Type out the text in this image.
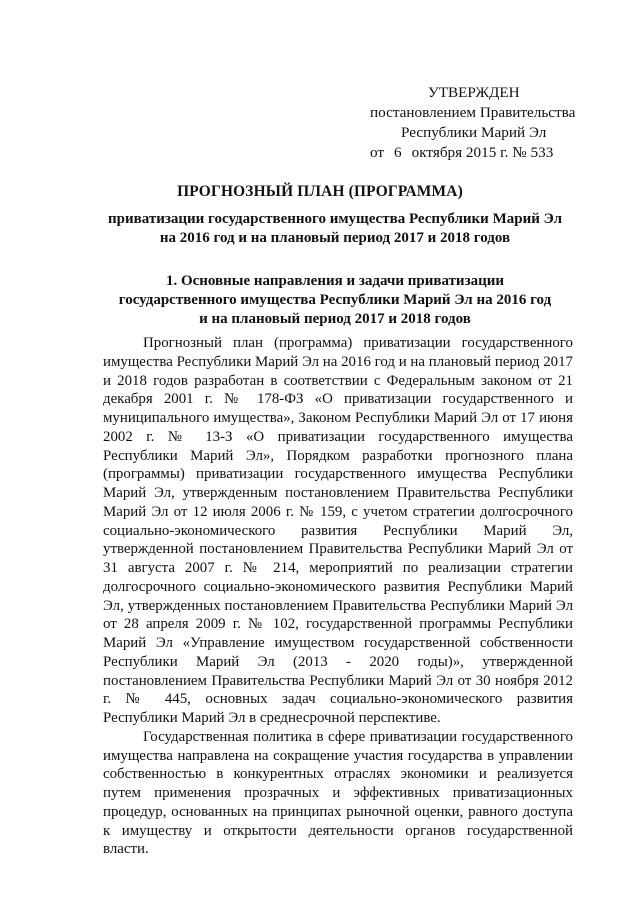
УТВЕРЖДЕН
постановлением Правительства
Республики Марий Эл
от 6 октября 2015 г. № 533
ПРОГНОЗНЫЙ ПЛАН (ПРОГРАММА)
приватизации государственного имущества Республики Марий Эл
на 2016 год и на плановый период 2017 и 2018 годов
1. Основные направления и задачи приватизации
государственного имущества Республики Марий Эл на 2016 год
и на плановый период 2017 и 2018 годов

Прогнозный план (программа) приватизации государственного имущества Республики Марий Эл на 2016 год и на плановый период 2017 и 2018 годов разработан в соответствии с Федеральным законом от 21 декабря 2001 г. № 178-ФЗ «О приватизации государственного и муниципального имущества», Законом Республики Марий Эл от 17 июня 2002 г. № 13-З «О приватизации государственного имущества Республики Марий Эл», Порядком разработки прогнозного плана (программы) приватизации государственного имущества Республики Марий Эл, утвержденным постановлением Правительства Республики Марий Эл от 12 июля 2006 г. № 159, с учетом стратегии долгосрочного социально-экономического развития Республики Марий Эл, утвержденной постановлением Правительства Республики Марий Эл от 31 августа 2007 г. № 214, мероприятий по реализации стратегии долгосрочного социально-экономического развития Республики Марий Эл, утвержденных постановлением Правительства Республики Марий Эл от 28 апреля 2009 г. № 102, государственной программы Республики Марий Эл «Управление имуществом государственной собственности Республики Марий Эл (2013 - 2020 годы)», утвержденной постановлением Правительства Республики Марий Эл от 30 ноября 2012 г. № 445, основных задач социально-экономического развития Республики Марий Эл в среднесрочной перспективе.

Государственная политика в сфере приватизации государственного имущества направлена на сокращение участия государства в управлении собственностью в конкурентных отраслях экономики и реализуется путем применения прозрачных и эффективных приватизационных процедур, основанных на принципах рыночной оценки, равного доступа к имуществу и открытости деятельности органов государственной власти.
